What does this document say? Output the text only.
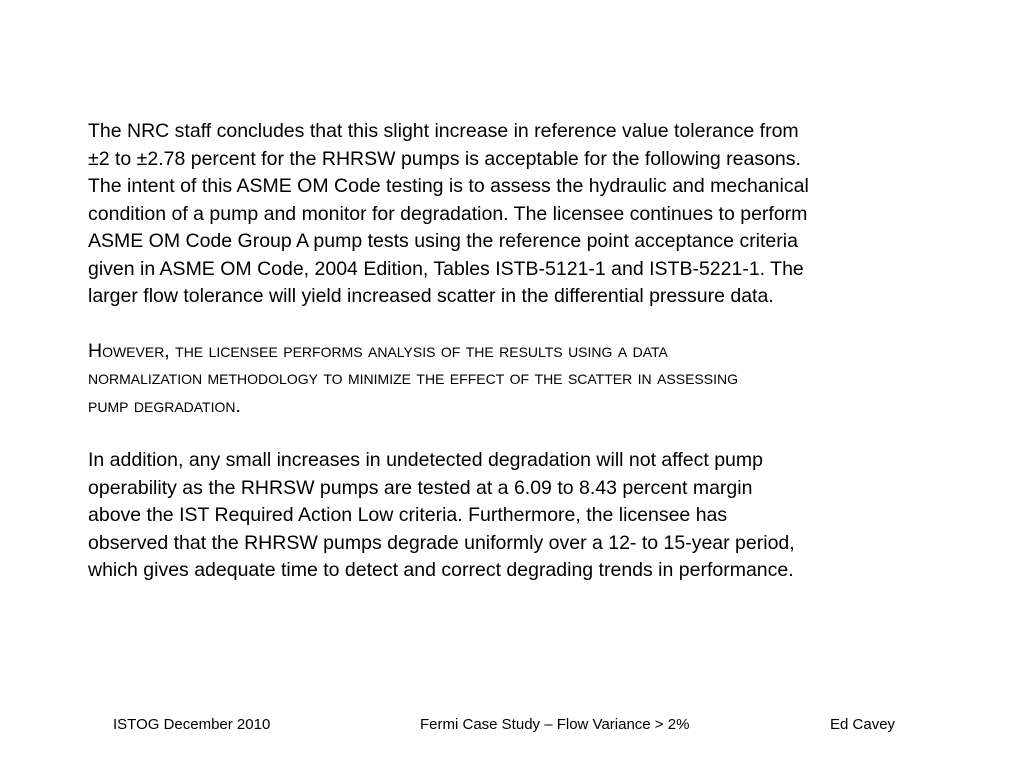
The NRC staff concludes that this slight increase in reference value tolerance from
±2 to ±2.78 percent for the RHRSW pumps is acceptable for the following reasons.
The intent of this ASME OM Code testing is to assess the hydraulic and mechanical
condition of a pump and monitor for degradation. The licensee continues to perform
ASME OM Code Group A pump tests using the reference point acceptance criteria
given in ASME OM Code, 2004 Edition, Tables ISTB-5121-1 and ISTB-5221-1. The
larger flow tolerance will yield increased scatter in the differential pressure data.

However, the licensee performs analysis of the results using a data
normalization methodology to minimize the effect of the scatter in assessing
pump degradation.

In addition, any small increases in undetected degradation will not affect pump
operability as the RHRSW pumps are tested at a 6.09 to 8.43 percent margin
above the IST Required Action Low criteria. Furthermore, the licensee has
observed that the RHRSW pumps degrade uniformly over a 12- to 15-year period,
which gives adequate time to detect and correct degrading trends in performance.

ISTOG December 2010	Fermi Case Study – Flow Variance > 2%	Ed Cavey
